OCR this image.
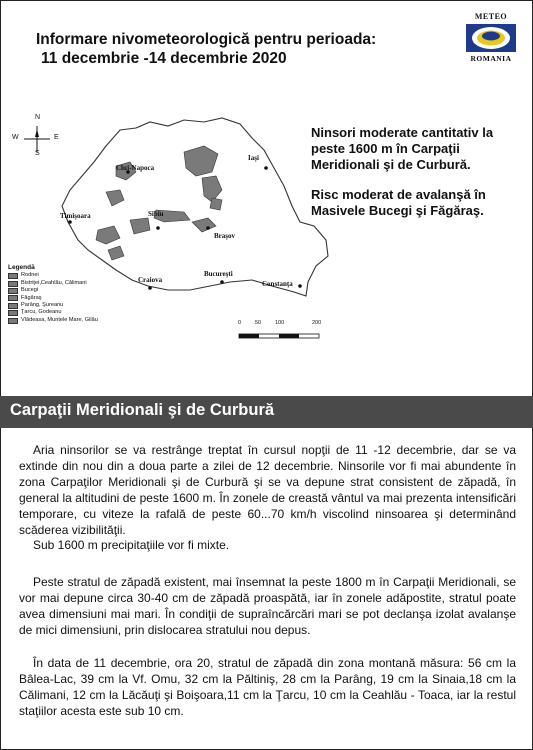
Informare nivometeorologică pentru perioada:
11 decembrie -14 decembrie 2020
METEO
ROMANIA
N
S
W	E
Cluj-Napoca
Iaşi
Timişoara	Sibiu
Braşov
Craiova
Bucureşti
Constanţa
Legendă
Rodnei
Bistriţei,Ceahlău, Călimani
Bucegi
Făgăraş
Parâng, Şureanu
Ţarcu, Godeanu
Vlădeasa, Muntele Mare, Gilău
0	50	100	200

Ninsori moderate cantitativ la peste 1600 m în Carpaţii Meridionali şi de Curbură.

Risc moderat de avalanşă în Masivele Bucegi şi Făgăraş.

Carpaţii Meridionali şi de Curbură

Aria ninsorilor se va restrânge treptat în cursul nopţii de 11 -12 decembrie, dar se va extinde din nou din a doua parte a zilei de 12 decembrie. Ninsorile vor fi mai abundente în zona Carpaţilor Meridionali şi de Curbură şi se va depune strat consistent de zăpadă, în general la altitudini de peste 1600 m. În zonele de creastă vântul va mai prezenta intensificări temporare, cu viteze la rafală de peste 60...70 km/h viscolind ninsoarea şi determinând scăderea vizibilităţii.

Sub 1600 m precipitaţiile vor fi mixte.

Peste stratul de zăpadă existent, mai însemnat la peste 1800 m în Carpaţii Meridionali, se vor mai depune circa 30-40 cm de zăpadă proaspătă, iar în zonele adăpostite, stratul poate avea dimensiuni mai mari. În condiţii de supraîncărcări mari se pot declanşa izolat avalanşe de mici dimensiuni, prin dislocarea stratului nou depus.

În data de 11 decembrie, ora 20, stratul de zăpadă din zona montană măsura: 56 cm la Bâlea-Lac, 39 cm la Vf. Omu, 32 cm la Păltiniş, 28 cm la Parâng, 19 cm la Sinaia,18 cm la Călimani, 12 cm la Lăcăuţi şi Boişoara,11 cm la Ţarcu, 10 cm la Ceahlău - Toaca, iar la restul staţiilor acesta este sub 10 cm.
